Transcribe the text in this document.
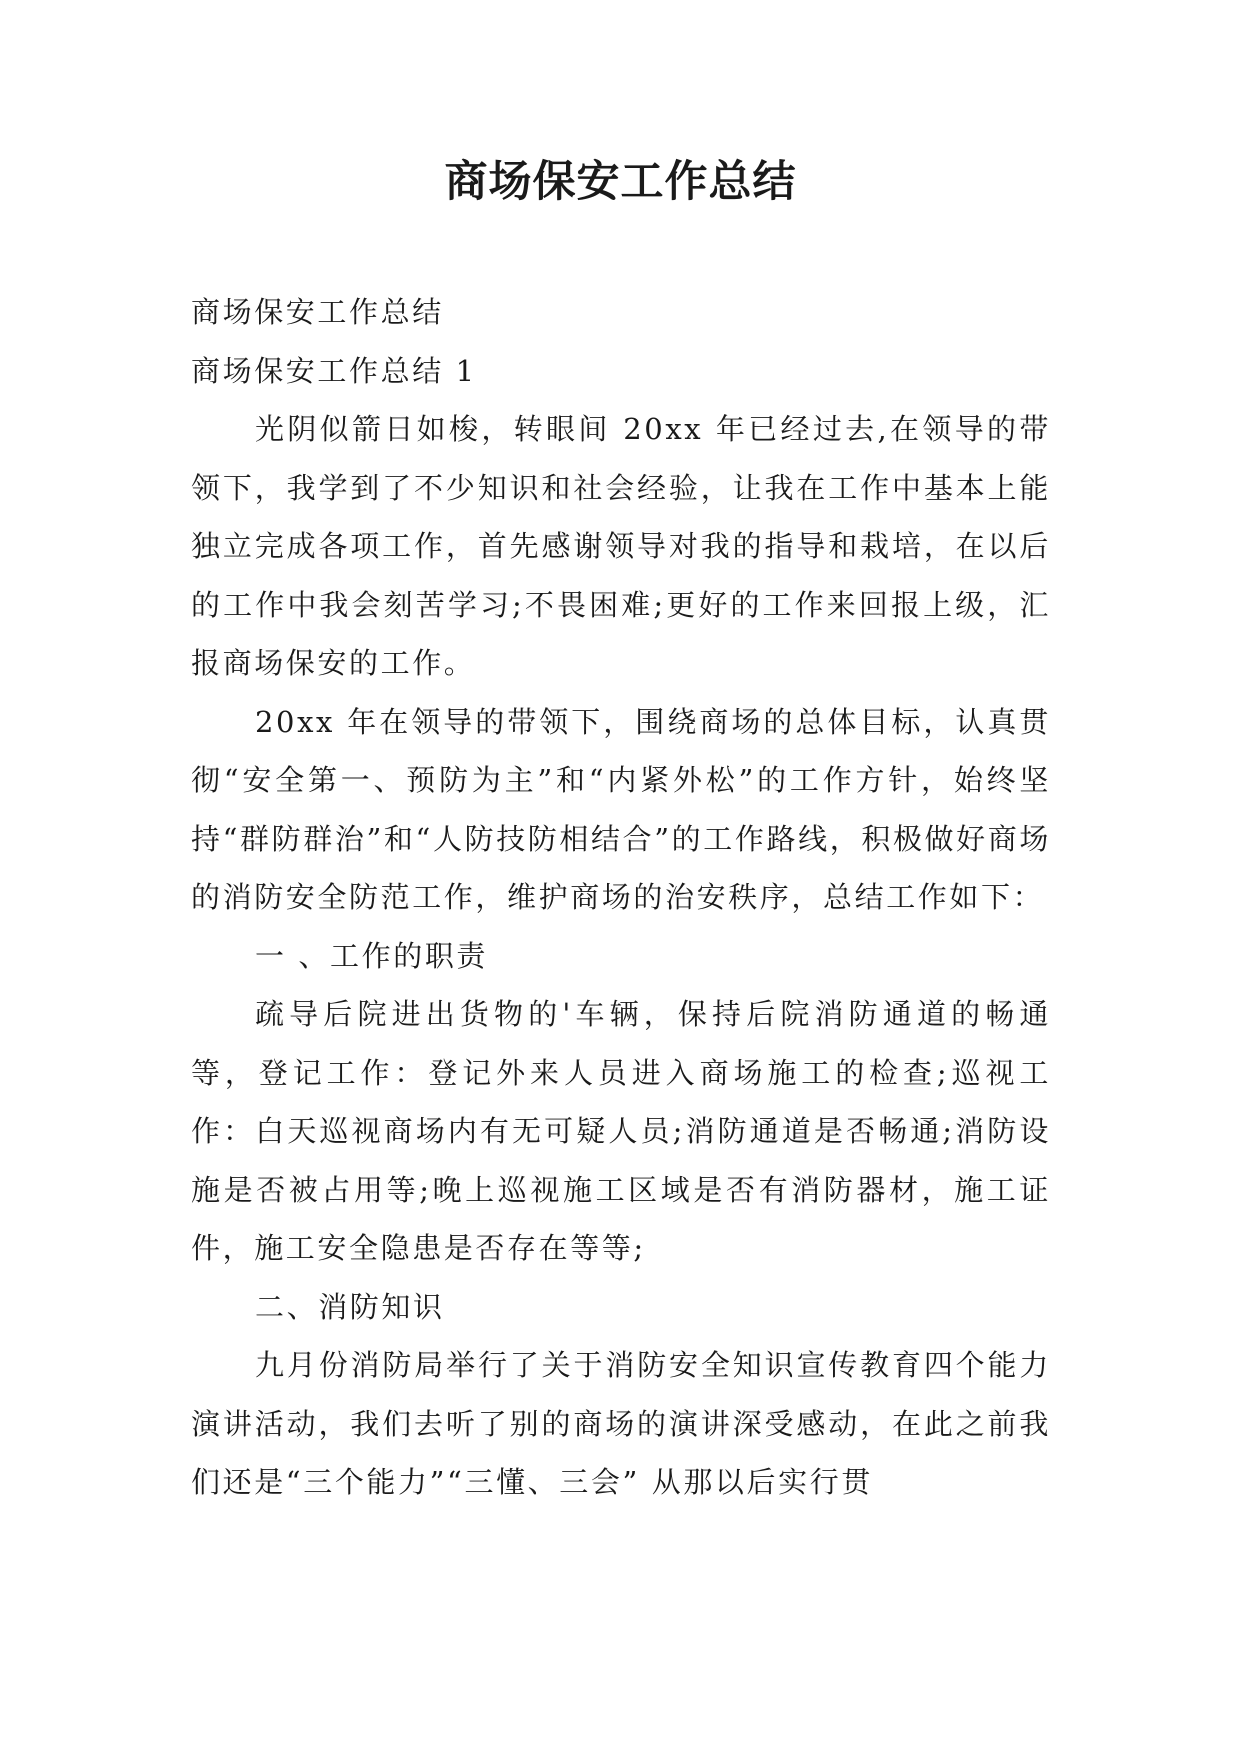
商场保安工作总结

商场保安工作总结

商场保安工作总结 1

光阴似箭日如梭，转眼间 20xx 年已经过去,在领导的带领下，我学到了不少知识和社会经验，让我在工作中基本上能独立完成各项工作，首先感谢领导对我的指导和栽培，在以后的工作中我会刻苦学习;不畏困难;更好的工作来回报上级，汇报商场保安的工作。

20xx 年在领导的带领下，围绕商场的总体目标，认真贯彻“安全第一、预防为主”和“内紧外松”的工作方针，始终坚持“群防群治”和“人防技防相结合”的工作路线，积极做好商场的消防安全防范工作，维护商场的治安秩序，总结工作如下：

一 、工作的职责

疏导后院进出货物的'车辆，保持后院消防通道的畅通等，登记工作：登记外来人员进入商场施工的检查;巡视工作：白天巡视商场内有无可疑人员;消防通道是否畅通;消防设施是否被占用等;晚上巡视施工区域是否有消防器材，施工证件，施工安全隐患是否存在等等;

二、消防知识

九月份消防局举行了关于消防安全知识宣传教育四个能力演讲活动，我们去听了别的商场的演讲深受感动，在此之前我们还是“三个能力”“三懂、三会” 从那以后实行贯
